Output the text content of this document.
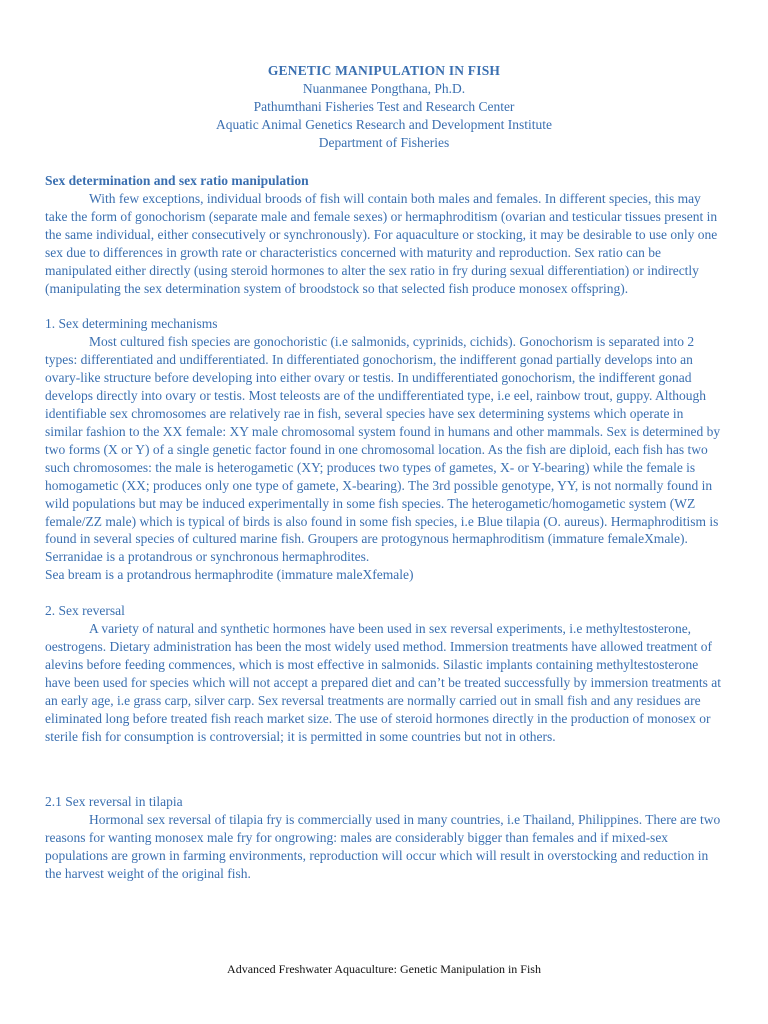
GENETIC MANIPULATION IN FISH
Nuanmanee Pongthana, Ph.D.
Pathumthani Fisheries Test and Research Center
Aquatic Animal Genetics Research and Development Institute
Department of Fisheries
Sex determination and sex ratio manipulation

With few exceptions, individual broods of fish will contain both males and females. In different species, this may take the form of gonochorism (separate male and female sexes) or hermaphroditism (ovarian and testicular tissues present in the same individual, either consecutively or synchronously). For aquaculture or stocking, it may be desirable to use only one sex due to differences in growth rate or characteristics concerned with maturity and reproduction. Sex ratio can be manipulated either directly (using steroid hormones to alter the sex ratio in fry during sexual differentiation) or indirectly (manipulating the sex determination system of broodstock so that selected fish produce monosex offspring).

1. Sex determining mechanisms

Most cultured fish species are gonochoristic (i.e salmonids, cyprinids, cichids). Gonochorism is separated into 2 types: differentiated and undifferentiated. In differentiated gonochorism, the indifferent gonad partially develops into an ovary-like structure before developing into either ovary or testis. In undifferentiated gonochorism, the indifferent gonad develops directly into ovary or testis. Most teleosts are of the undifferentiated type, i.e eel, rainbow trout, guppy. Although identifiable sex chromosomes are relatively rae in fish, several species have sex determining systems which operate in similar fashion to the XX female: XY male chromosomal system found in humans and other mammals. Sex is determined by two forms (X or Y) of a single genetic factor found in one chromosomal location. As the fish are diploid, each fish has two such chromosomes: the male is heterogametic (XY; produces two types of gametes, X- or Y-bearing) while the female is homogametic (XX; produces only one type of gamete, X-bearing). The 3rd possible genotype, YY, is not normally found in wild populations but may be induced experimentally in some fish species. The heterogametic/homogametic system (WZ female/ZZ male) which is typical of birds is also found in some fish species, i.e Blue tilapia (O. aureus). Hermaphroditism is found in several species of cultured marine fish. Groupers are protogynous hermaphroditism (immature femaleXmale). Serranidae is a protandrous or synchronous hermaphrodites.

Sea bream is a protandrous hermaphrodite (immature maleXfemale)

2. Sex reversal

A variety of natural and synthetic hormones have been used in sex reversal experiments, i.e methyltestosterone, oestrogens. Dietary administration has been the most widely used method. Immersion treatments have allowed treatment of alevins before feeding commences, which is most effective in salmonids. Silastic implants containing methyltestosterone have been used for species which will not accept a prepared diet and can’t be treated successfully by immersion treatments at an early age, i.e grass carp, silver carp. Sex reversal treatments are normally carried out in small fish and any residues are eliminated long before treated fish reach market size. The use of steroid hormones directly in the production of monosex or sterile fish for consumption is controversial; it is permitted in some countries but not in others.

2.1 Sex reversal in tilapia

Hormonal sex reversal of tilapia fry is commercially used in many countries, i.e Thailand, Philippines. There are two reasons for wanting monosex male fry for ongrowing: males are considerably bigger than females and if mixed-sex populations are grown in farming environments, reproduction will occur which will result in overstocking and reduction in the harvest weight of the original fish.

Advanced Freshwater Aquaculture: Genetic Manipulation in Fish
